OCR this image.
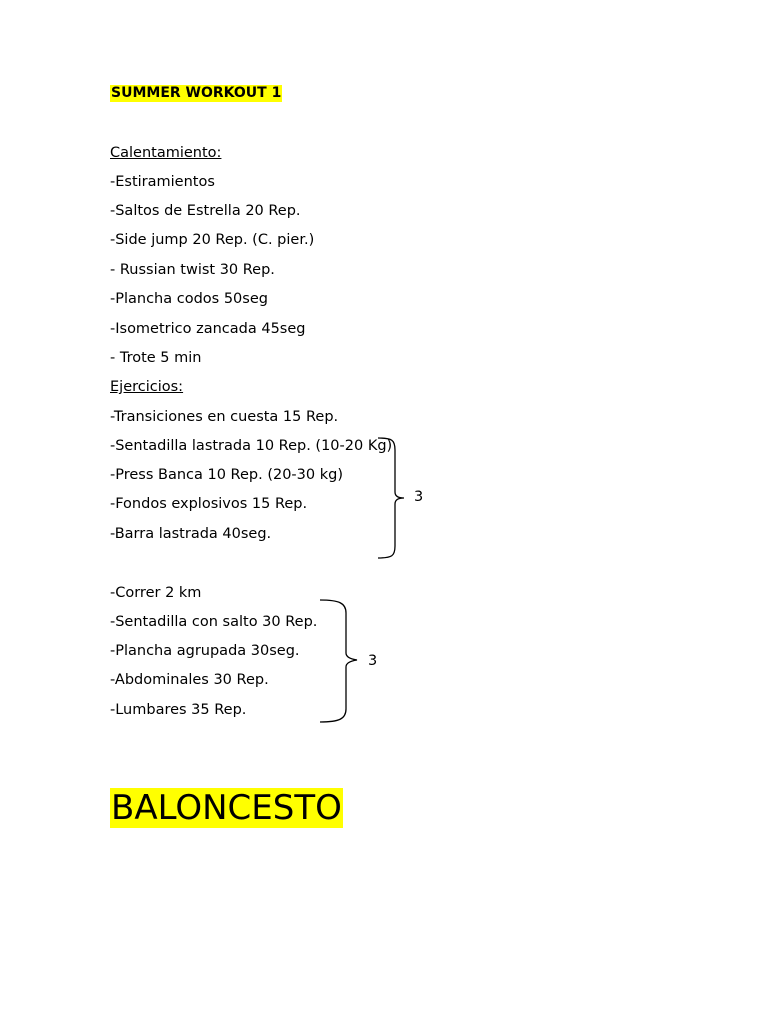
SUMMER WORKOUT 1
Calentamiento:
-Estiramientos
-Saltos de Estrella 20 Rep.
-Side jump 20 Rep. (C. pier.)
- Russian twist 30 Rep.
-Plancha codos 50seg
-Isometrico zancada 45seg
- Trote 5 min
Ejercicios:
-Transiciones en cuesta 15 Rep.
-Sentadilla lastrada 10 Rep. (10-20 Kg)
-Press Banca 10 Rep. (20-30 kg)
-Fondos explosivos 15 Rep.
-Barra lastrada 40seg.
3
-Correr 2 km
-Sentadilla con salto 30 Rep.
-Plancha agrupada 30seg.
-Abdominales 30 Rep.
-Lumbares 35 Rep.
3
BALONCESTO
